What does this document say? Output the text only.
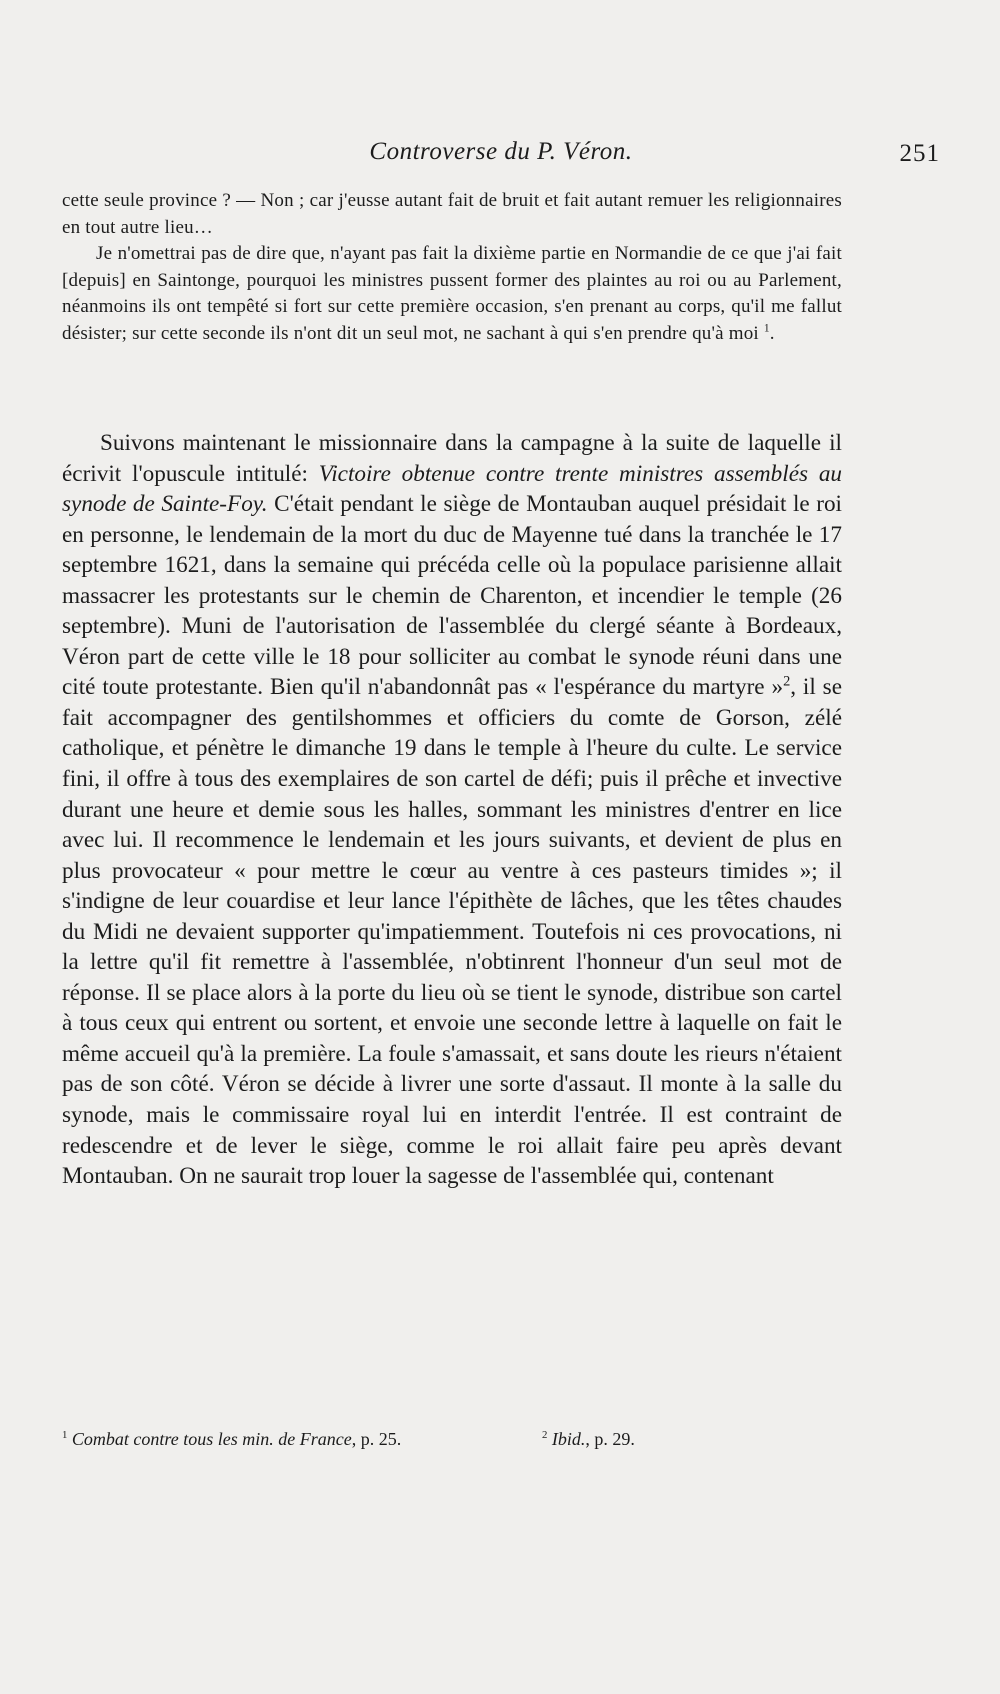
Controverse du P. Véron.	251

cette seule province ? — Non ; car j'eusse autant fait de bruit et fait autant remuer les religionnaires en tout autre lieu…

Je n'omettrai pas de dire que, n'ayant pas fait la dixième partie en Normandie de ce que j'ai fait [depuis] en Saintonge, pourquoi les ministres pussent former des plaintes au roi ou au Parlement, néanmoins ils ont tempêté si fort sur cette première occasion, s'en prenant au corps, qu'il me fallut désister; sur cette seconde ils n'ont dit un seul mot, ne sachant à qui s'en prendre qu'à moi $^1$.

Suivons maintenant le missionnaire dans la campagne à la suite de laquelle il écrivit l'opuscule intitulé: Victoire obtenue contre trente ministres assemblés au synode de Sainte-Foy. C'était pendant le siège de Montauban auquel présidait le roi en personne, le lendemain de la mort du duc de Mayenne tué dans la tranchée le 17 septembre 1621, dans la semaine qui précéda celle où la populace parisienne allait massacrer les protestants sur le chemin de Charenton, et incendier le temple (26 septembre). Muni de l'autorisation de l'assemblée du clergé séante à Bordeaux, Véron part de cette ville le 18 pour solliciter au combat le synode réuni dans une cité toute protestante. Bien qu'il n'abandonnât pas « l'espérance du martyre »$^2$, il se fait accompagner des gentilshommes et officiers du comte de Gorson, zélé catholique, et pénètre le dimanche 19 dans le temple à l'heure du culte. Le service fini, il offre à tous des exemplaires de son cartel de défi; puis il prêche et invective durant une heure et demie sous les halles, sommant les ministres d'entrer en lice avec lui. Il recommence le lendemain et les jours suivants, et devient de plus en plus provocateur « pour mettre le cœur au ventre à ces pasteurs timides »; il s'indigne de leur couardise et leur lance l'épithète de lâches, que les têtes chaudes du Midi ne devaient supporter qu'impatiemment. Toutefois ni ces provocations, ni la lettre qu'il fit remettre à l'assemblée, n'obtinrent l'honneur d'un seul mot de réponse. Il se place alors à la porte du lieu où se tient le synode, distribue son cartel à tous ceux qui entrent ou sortent, et envoie une seconde lettre à laquelle on fait le même accueil qu'à la première. La foule s'amassait, et sans doute les rieurs n'étaient pas de son côté. Véron se décide à livrer une sorte d'assaut. Il monte à la salle du synode, mais le commissaire royal lui en interdit l'entrée. Il est contraint de redescendre et de lever le siège, comme le roi allait faire peu après devant Montauban. On ne saurait trop louer la sagesse de l'assemblée qui, contenant

$^1$ Combat contre tous les min. de France, p. 25.	$^2$ Ibid., p. 29.
